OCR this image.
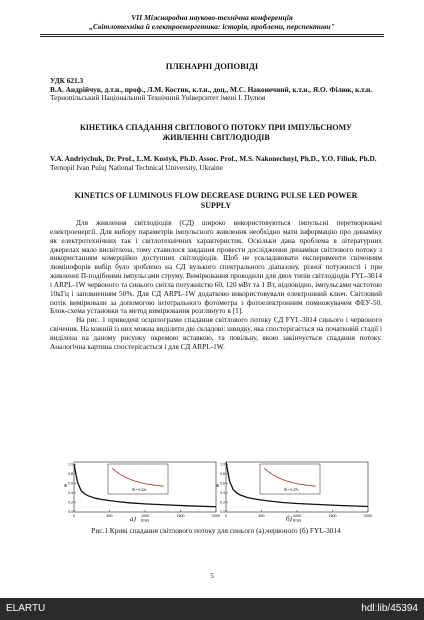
VII Міжнародна науково-технічна конференція
„Світлотехніка й електроенергетика: історія, проблеми, перспективи"
ПЛЕНАРНІ ДОПОВІДІ
УДК 621.3
В.А. Андрійчук, д.т.н., проф., Л.М. Костик, к.т.н., доц., М.С. Наконечний, к.т.н., Я.О. Філюк, к.т.н.
Тернопільський Національний Технічний Університет імені І. Пулюя
КІНЕТИКА СПАДАННЯ СВІТЛОВОГО ПОТОКУ ПРИ ІМПУЛЬСНОМУ ЖИВЛЕННІ СВІТЛОДІОДІВ
V.A. Andriychuk, Dr. Prof., L.M. Kostyk, Ph.D. Assoc. Prof., M.S. Nakonechnyi, Ph.D., Y.O. Filiuk, Ph.D.
Ternopil Ivan Puluj National Technical University, Ukraine
KINETICS OF LUMINOUS FLOW DECREASE DURING PULSE LED POWER SUPPLY

Для живлення світлодіодів (СД) широко використовуються імпульсні перетворювачі електроенергії. Для вибору параметрів імпульсного живлення необхідно мати інформацію про динаміку як електротехнічних так і світлотехнічних характеристик. Оскільки дана проблема в літературних джерелах мало висвітлена, тому ставилося завдання провести дослідження динаміки світлового потоку з використанням комерційно доступних світлодіодів. Щоб не ускладнювати експерименти свіченням люмінофорів вибір було зроблено на СД вузького спектрального діапазону, різної потужності і при живленні П-подібними імпульсами струму. Вимірювання проводили для двох типів світлодіодів FYL-3014 і ARPL-1W червоного та синього світла потужністю 60, 120 мВт та 1 Вт, відповідно, імпульсами частотою 10кГц і заповненням 50%. Для СД ARPL-1W додатково використовували електронний ключ. Світловий потік вимірювали за допомогою інтегрального фотометра з фотоелектронним помножувачем ФЕУ-50. Блок-схема установки та метод вимірювання розглянуто в [1].

На рис. 1 приведені осцилограми спадання світлового потоку СД FYL-3014 синього і червоного свічення. На кожній із них можна виділити дві складові: швидку, яка спостерігається на початковій стадії і виділена на даному рисунку окремою вставкою, та повільну, якою закінчується спадання потоку. Аналогічна картина спостерігається і для СД ARPL-1W.

0	500	1000	1500	2000
0.0
0.2
0.4
0.6
0.8
1.0
Φ
t(ns)
Φ = 0.42e
0	500	1000	1500	2000
0.0
0.2
0.4
0.6
0.8
1.0
Φ
t(ns)
Φ = 0.47e
а)	б)
Рис.1 Криві спадання світлового потоку для синього (а),червоного (б) FYL-3014
5
ELARTU	hdl:lib/45394
